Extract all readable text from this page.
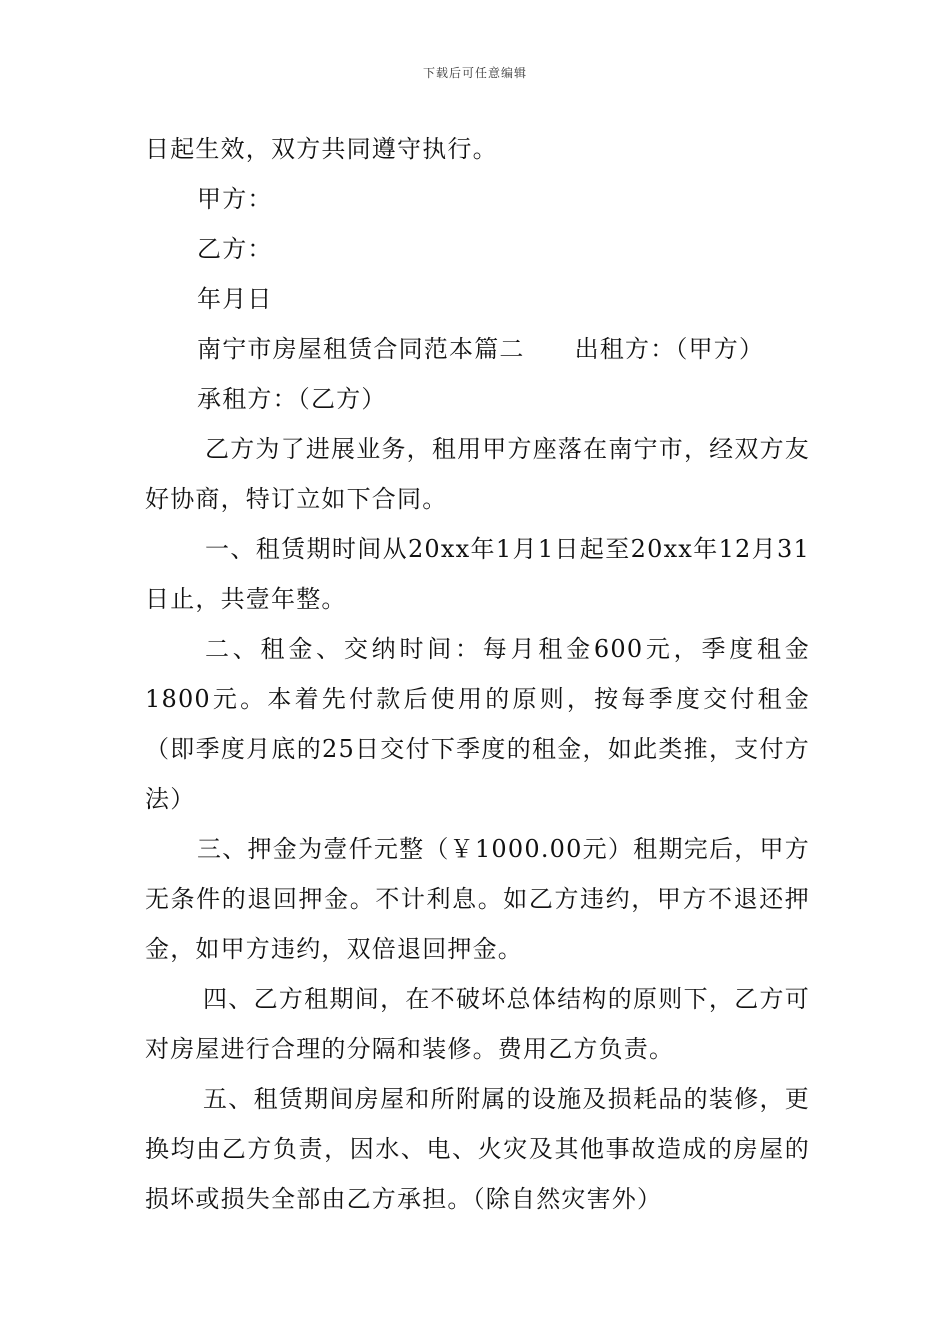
下载后可任意编辑

日起生效，双方共同遵守执行。

甲方：

乙方：

年月日

南宁市房屋租赁合同范本篇二 出租方：（甲方）

承租方：（乙方）

乙方为了进展业务，租用甲方座落在南宁市，经双方友好协商，特订立如下合同。

一、租赁期时间从20xx年1月1日起至20xx年12月31日止，共壹年整。

二、租金、交纳时间：每月租金600元，季度租金1800元。本着先付款后使用的原则，按每季度交付租金（即季度月底的25日交付下季度的租金，如此类推，支付方法）

三、押金为壹仟元整（￥1000.00元）租期完后，甲方无条件的退回押金。不计利息。如乙方违约，甲方不退还押金，如甲方违约，双倍退回押金。

四、乙方租期间，在不破坏总体结构的原则下，乙方可对房屋进行合理的分隔和装修。费用乙方负责。

五、租赁期间房屋和所附属的设施及损耗品的装修，更换均由乙方负责，因水、电、火灾及其他事故造成的房屋的损坏或损失全部由乙方承担。（除自然灾害外）
